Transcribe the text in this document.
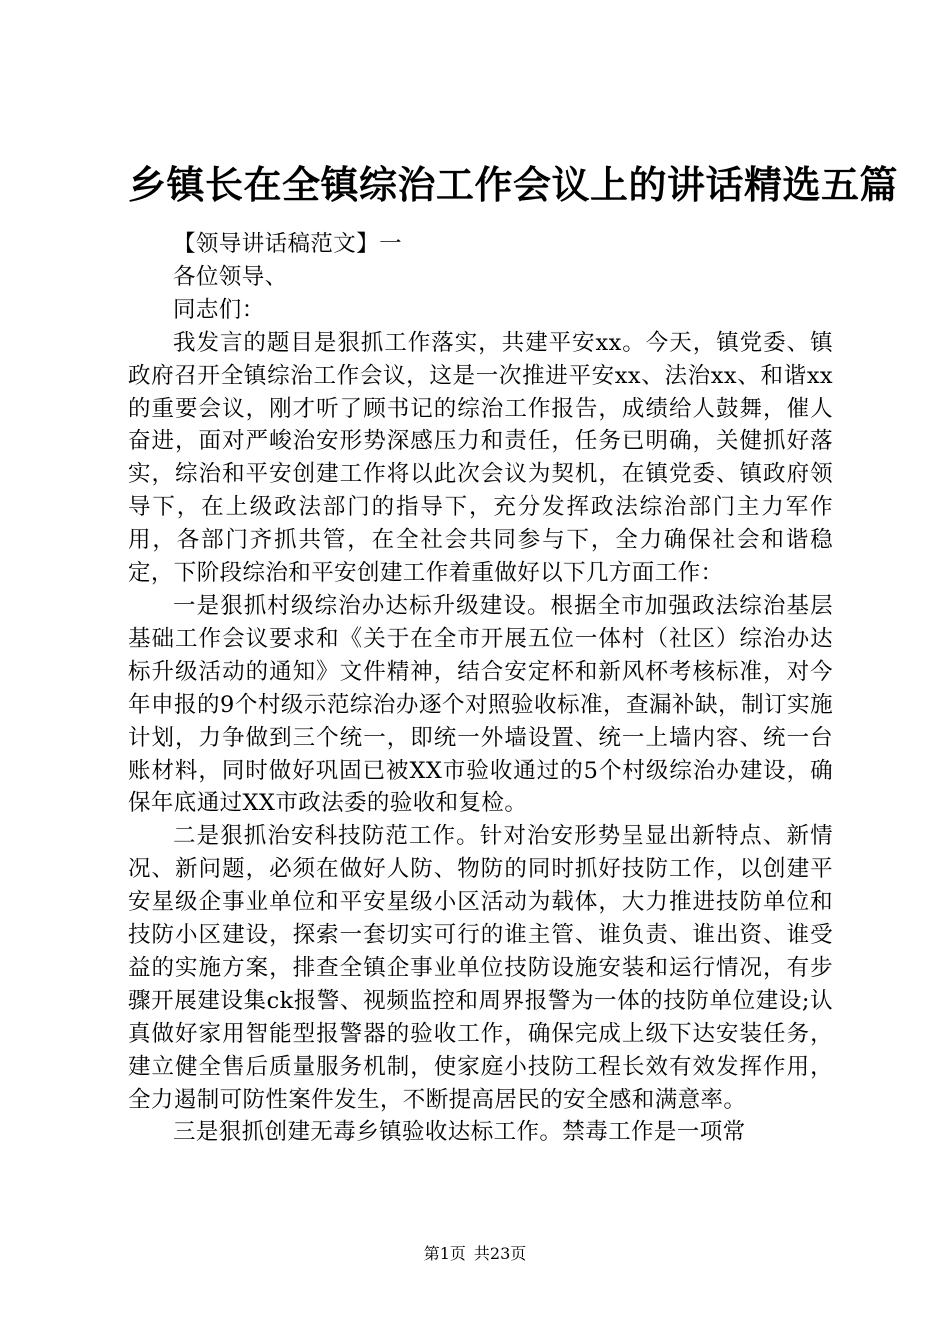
乡镇长在全镇综治工作会议上的讲话精选五篇

【领导讲话稿范文】一

各位领导、

同志们：

我发言的题目是狠抓工作落实，共建平安xx。今天，镇党委、镇政府召开全镇综治工作会议，这是一次推进平安xx、法治xx、和谐xx的重要会议，刚才听了顾书记的综治工作报告，成绩给人鼓舞，催人奋进，面对严峻治安形势深感压力和责任，任务已明确，关健抓好落实，综治和平安创建工作将以此次会议为契机，在镇党委、镇政府领导下，在上级政法部门的指导下，充分发挥政法综治部门主力军作用，各部门齐抓共管，在全社会共同参与下，全力确保社会和谐稳定，下阶段综治和平安创建工作着重做好以下几方面工作：

一是狠抓村级综治办达标升级建设。根据全市加强政法综治基层基础工作会议要求和《关于在全市开展五位一体村（社区）综治办达标升级活动的通知》文件精神，结合安定杯和新风杯考核标准，对今年申报的9个村级示范综治办逐个对照验收标准，查漏补缺，制订实施计划，力争做到三个统一，即统一外墙设置、统一上墙内容、统一台账材料，同时做好巩固已被XX市验收通过的5个村级综治办建设，确保年底通过XX市政法委的验收和复检。

二是狠抓治安科技防范工作。针对治安形势呈显出新特点、新情况、新问题，必须在做好人防、物防的同时抓好技防工作，以创建平安星级企事业单位和平安星级小区活动为载体，大力推进技防单位和技防小区建设，探索一套切实可行的谁主管、谁负责、谁出资、谁受益的实施方案，排查全镇企事业单位技防设施安装和运行情况，有步骤开展建设集ck报警、视频监控和周界报警为一体的技防单位建设;认真做好家用智能型报警器的验收工作，确保完成上级下达安装任务，建立健全售后质量服务机制，使家庭小技防工程长效有效发挥作用，全力遏制可防性案件发生，不断提高居民的安全感和满意率。

三是狠抓创建无毒乡镇验收达标工作。禁毒工作是一项常

第1页 共23页
